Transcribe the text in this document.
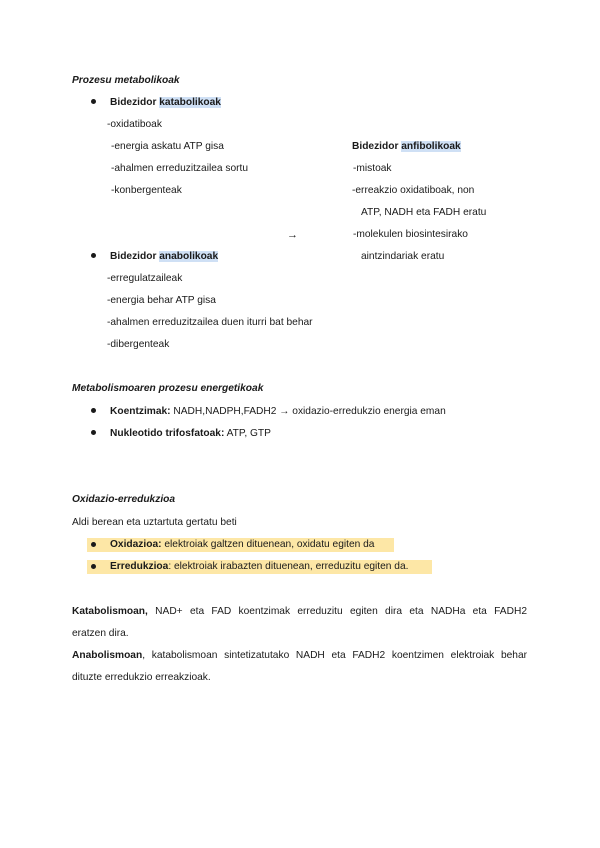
Prozesu metabolikoak
Bidezidor katabolikoak
-oxidatiboak
-energia askatu ATP gisa
-ahalmen erreduzitzailea sortu
-konbergenteak
Bidezidor anfibolikoak
-mistoak
-erreakzio oxidatiboak, non
ATP, NADH eta FADH eratu
-molekulen biosintesirako
aintzindariak eratu
→
Bidezidor anabolikoak
-erregulatzaileak
-energia behar ATP gisa
-ahalmen erreduzitzailea duen iturri bat behar
-dibergenteak
Metabolismoaren prozesu energetikoak
Koentzimak: NADH,NADPH,FADH2 → oxidazio-erredukzio energia eman
Nukleotido trifosfatoak: ATP, GTP
Oxidazio-erredukzioa
Aldi berean eta uztartuta gertatu beti
Oxidazioa: elektroiak galtzen dituenean, oxidatu egiten da
Erredukzioa: elektroiak irabazten dituenean, erreduzitu egiten da.
Katabolismoan, NAD+ eta FAD koentzimak erreduzitu egiten dira eta NADHa eta FADH2
eratzen dira.
Anabolismoan, katabolismoan sintetizatutako NADH eta FADH2 koentzimen elektroiak behar
dituzte erredukzio erreakzioak.
